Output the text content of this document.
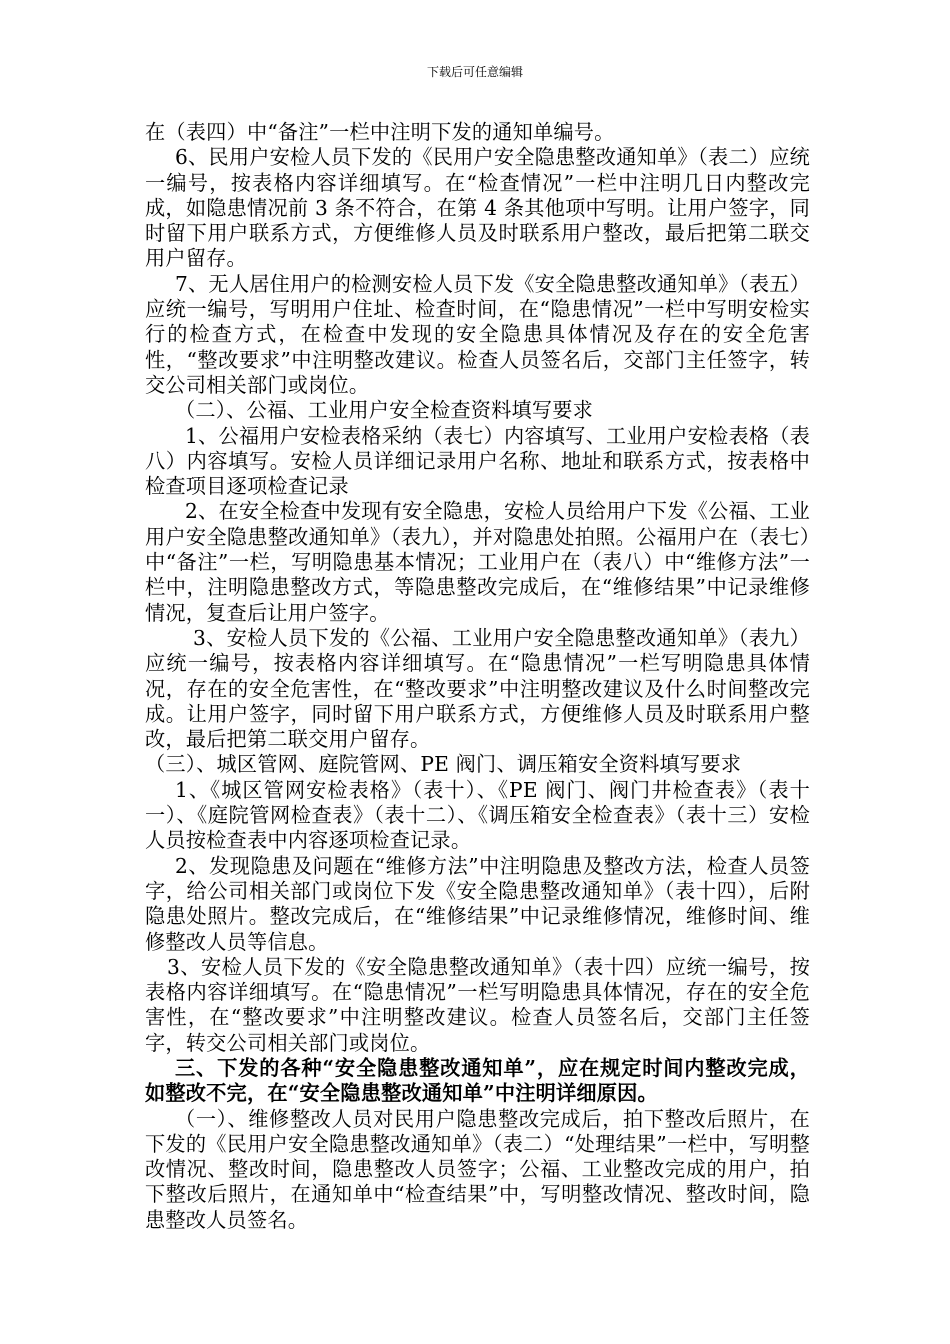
下载后可任意编辑

在（表四）中“备注”一栏中注明下发的通知单编号。

6、民用户安检人员下发的《民用户安全隐患整改通知单》（表二）应统一编号，按表格内容详细填写。在“检查情况”一栏中注明几日内整改完成，如隐患情况前 3 条不符合，在第 4 条其他项中写明。让用户签字，同时留下用户联系方式，方便维修人员及时联系用户整改，最后把第二联交用户留存。

7、无人居住用户的检测安检人员下发《安全隐患整改通知单》（表五）应统一编号，写明用户住址、检查时间，在“隐患情况”一栏中写明安检实行的检查方式，在检查中发现的安全隐患具体情况及存在的安全危害性，“整改要求”中注明整改建议。检查人员签名后，交部门主任签字，转交公司相关部门或岗位。

（二）、公福、工业用户安全检查资料填写要求

1、公福用户安检表格采纳（表七）内容填写、工业用户安检表格（表八）内容填写。安检人员详细记录用户名称、地址和联系方式，按表格中检查项目逐项检查记录

2、在安全检查中发现有安全隐患，安检人员给用户下发《公福、工业用户安全隐患整改通知单》（表九），并对隐患处拍照。公福用户在（表七）中“备注”一栏，写明隐患基本情况；工业用户在（表八）中“维修方法”一栏中，注明隐患整改方式，等隐患整改完成后，在“维修结果”中记录维修情况，复查后让用户签字。

3、安检人员下发的《公福、工业用户安全隐患整改通知单》（表九）应统一编号，按表格内容详细填写。在“隐患情况”一栏写明隐患具体情况，存在的安全危害性，在“整改要求”中注明整改建议及什么时间整改完成。让用户签字，同时留下用户联系方式，方便维修人员及时联系用户整改，最后把第二联交用户留存。

（三）、城区管网、庭院管网、PE 阀门、调压箱安全资料填写要求

1、《城区管网安检表格》（表十）、《PE 阀门、阀门井检查表》（表十一）、《庭院管网检查表》（表十二）、《调压箱安全检查表》（表十三）安检人员按检查表中内容逐项检查记录。

2、发现隐患及问题在“维修方法”中注明隐患及整改方法，检查人员签字，给公司相关部门或岗位下发《安全隐患整改通知单》（表十四），后附隐患处照片。整改完成后，在“维修结果”中记录维修情况，维修时间、维修整改人员等信息。

3、安检人员下发的《安全隐患整改通知单》（表十四）应统一编号，按表格内容详细填写。在“隐患情况”一栏写明隐患具体情况，存在的安全危害性，在“整改要求”中注明整改建议。检查人员签名后，交部门主任签字，转交公司相关部门或岗位。

三、下发的各种“安全隐患整改通知单”，应在规定时间内整改完成，如整改不完，在“安全隐患整改通知单”中注明详细原因。

（一）、维修整改人员对民用户隐患整改完成后，拍下整改后照片，在下发的《民用户安全隐患整改通知单》（表二）“处理结果”一栏中，写明整改情况、整改时间，隐患整改人员签字；公福、工业整改完成的用户，拍下整改后照片，在通知单中“检查结果”中，写明整改情况、整改时间，隐患整改人员签名。
